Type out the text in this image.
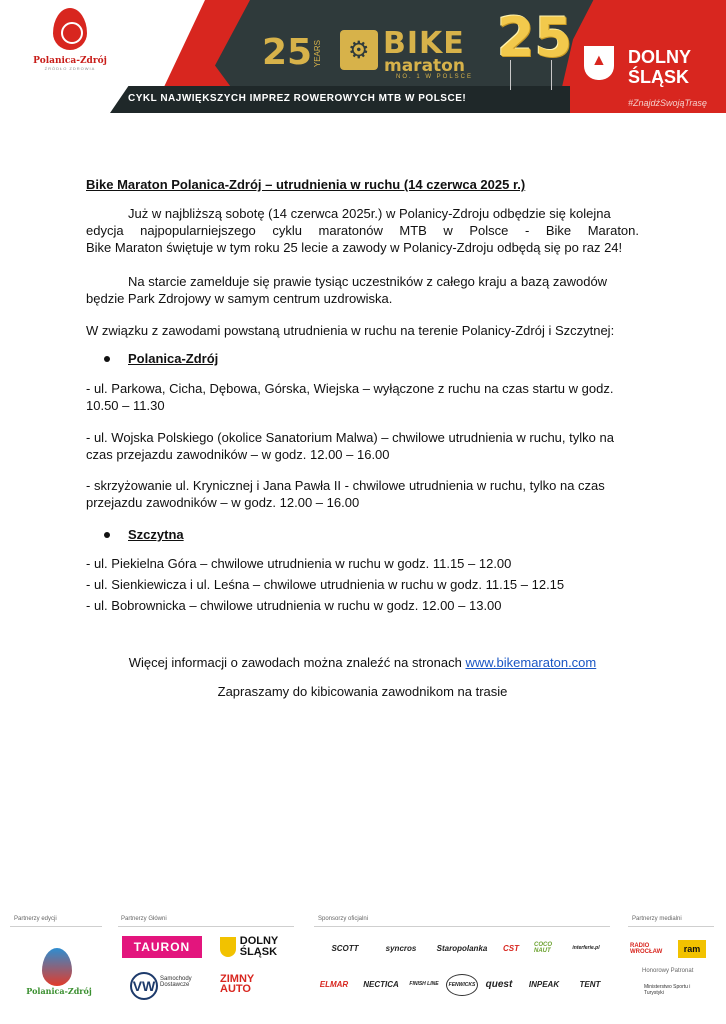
Polanica-Zdrój
ŹRÓDŁO ZDROWIA	25 YEARS
⚙ BIKE
maraton
NO. 1 W POLSCE
25
CYKL NAJWIĘKSZYCH IMPREZ ROWEROWYCH MTB W POLSCE!
▲
DOLNY
ŚLĄSK
#ZnajdźSwojąTrasę
Bike Maraton Polanica-Zdrój – utrudnienia w ruchu (14 czerwca 2025 r.)
Już w najbliższą sobotę (14 czerwca 2025r.) w Polanicy-Zdroju odbędzie się kolejna
edycja najpopularniejszego cyklu maratonów MTB w Polsce - Bike Maraton.
Bike Maraton świętuje w tym roku 25 lecie a zawody w Polanicy-Zdroju odbędą się po raz 24!
Na starcie zamelduje się prawie tysiąc uczestników z całego kraju a bazą zawodów
będzie Park Zdrojowy w samym centrum uzdrowiska.
W związku z zawodami powstaną utrudnienia w ruchu na terenie Polanicy-Zdrój i Szczytnej:
Polanica-Zdrój
- ul. Parkowa, Cicha, Dębowa, Górska, Wiejska – wyłączone z ruchu na czas startu w godz.
10.50 – 11.30
- ul. Wojska Polskiego (okolice Sanatorium Malwa) – chwilowe utrudnienia w ruchu, tylko na
czas przejazdu zawodników – w godz. 12.00 – 16.00
- skrzyżowanie ul. Krynicznej i Jana Pawła II - chwilowe utrudnienia w ruchu, tylko na czas
przejazdu zawodników – w godz. 12.00 – 16.00
Szczytna
- ul. Piekielna Góra – chwilowe utrudnienia w ruchu w godz. 11.15 – 12.00
- ul. Sienkiewicza i ul. Leśna – chwilowe utrudnienia w ruchu w godz. 11.15 – 12.15
- ul. Bobrownicka – chwilowe utrudnienia w ruchu w godz. 12.00 – 13.00
Więcej informacji o zawodach można znaleźć na stronach www.bikemaraton.com
Zapraszamy do kibicowania zawodnikom na trasie
Partnerzy edycji	Partnerzy Główni	Sponsorzy oficjalni	Partnerzy medialni
Honorowy Patronat
TAURON	DOLNY
ŚLĄSK
VW Samochody
Dostawcze	ZIMNY
AUTO
SCOTT	syncros	Staropolanka	CST	COCO NAUT	interferie.pl
ELMAR	NECTICA	FINISH LINE	FENWICKS	quest	INPEAK	TENT
RADIO WROCŁAW	ram
Ministerstwo Sportu i Turystyki
Polanica-Zdrój
